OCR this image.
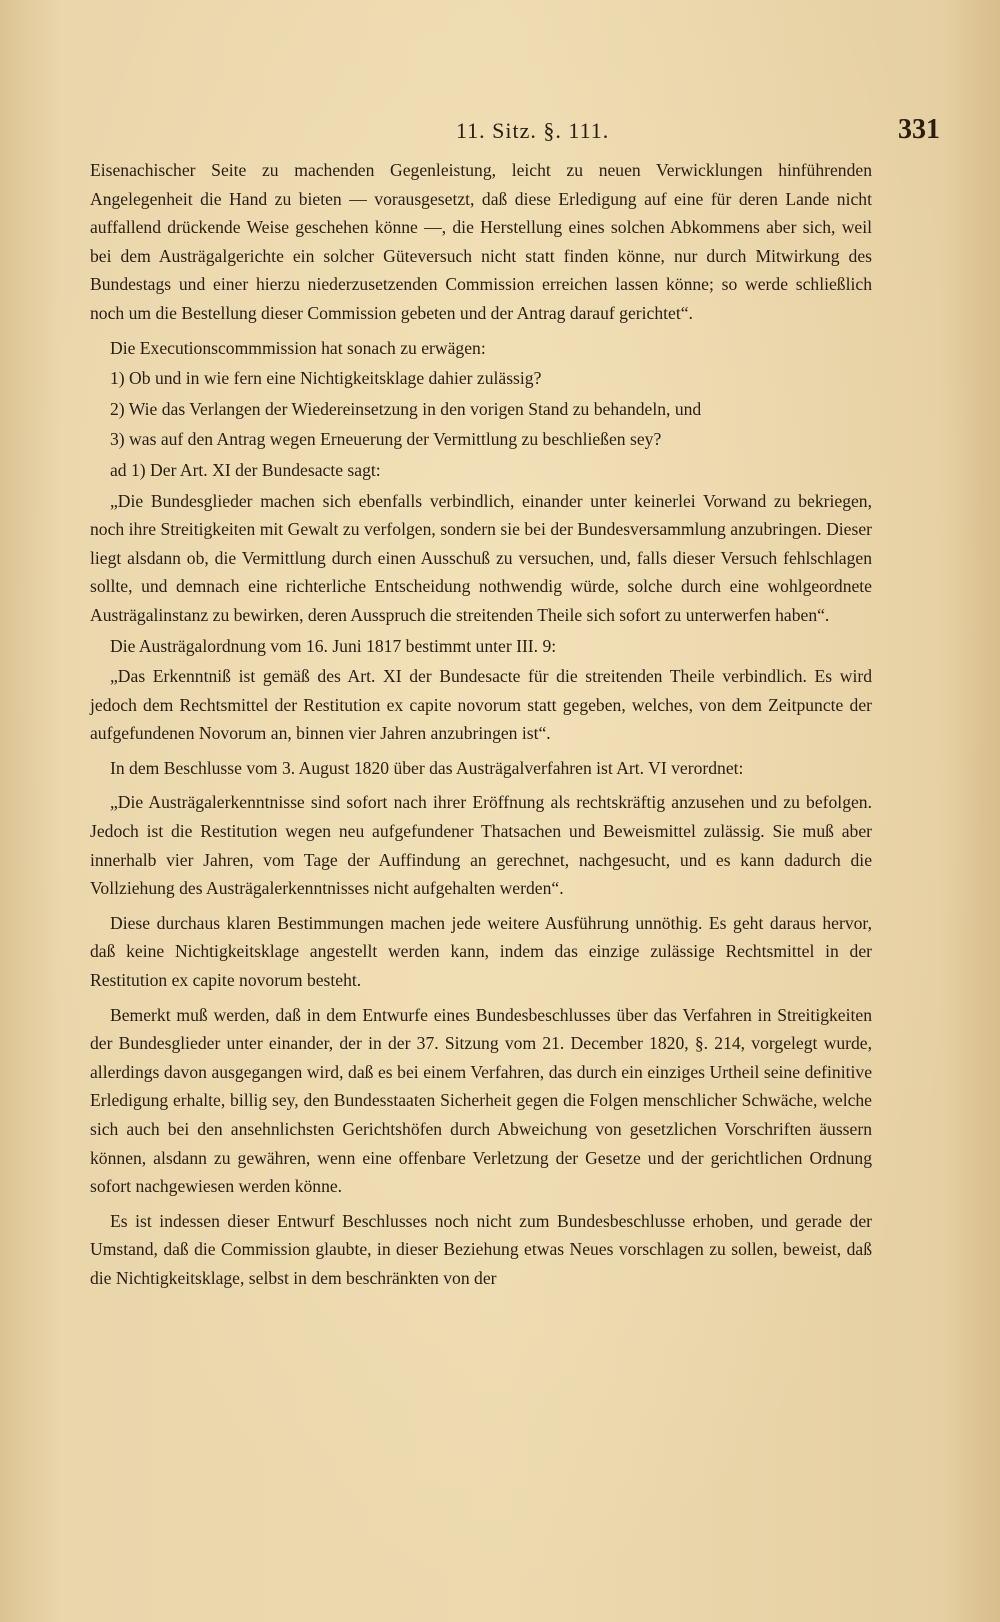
11. Sitz. §. 111.	331

Eisenachischer Seite zu machenden Gegenleistung, leicht zu neuen Verwicklungen hinführenden Angelegenheit die Hand zu bieten — vorausgesetzt, daß diese Erledigung auf eine für deren Lande nicht auffallend drückende Weise geschehen könne —, die Herstellung eines solchen Abkommens aber sich, weil bei dem Austrägalgerichte ein solcher Güteversuch nicht statt finden könne, nur durch Mitwirkung des Bundestags und einer hierzu niederzusetzenden Commission erreichen lassen könne; so werde schließlich noch um die Bestellung dieser Commission gebeten und der Antrag darauf gerichtet“.

Die Executionscommmission hat sonach zu erwägen:

1) Ob und in wie fern eine Nichtigkeitsklage dahier zulässig?

2) Wie das Verlangen der Wiedereinsetzung in den vorigen Stand zu behandeln, und

3) was auf den Antrag wegen Erneuerung der Vermittlung zu beschließen sey?

ad 1) Der Art. XI der Bundesacte sagt:

„Die Bundesglieder machen sich ebenfalls verbindlich, einander unter keinerlei Vorwand zu bekriegen, noch ihre Streitigkeiten mit Gewalt zu verfolgen, sondern sie bei der Bundesversammlung anzubringen. Dieser liegt alsdann ob, die Vermittlung durch einen Ausschuß zu versuchen, und, falls dieser Versuch fehlschlagen sollte, und demnach eine richterliche Entscheidung nothwendig würde, solche durch eine wohlgeordnete Austrägalinstanz zu bewirken, deren Ausspruch die streitenden Theile sich sofort zu unterwerfen haben“.

Die Austrägalordnung vom 16. Juni 1817 bestimmt unter III. 9:

„Das Erkenntniß ist gemäß des Art. XI der Bundesacte für die streitenden Theile verbindlich. Es wird jedoch dem Rechtsmittel der Restitution ex capite novorum statt gegeben, welches, von dem Zeitpuncte der aufgefundenen Novorum an, binnen vier Jahren anzubringen ist“.

In dem Beschlusse vom 3. August 1820 über das Austrägalverfahren ist Art. VI verordnet:

„Die Austrägalerkenntnisse sind sofort nach ihrer Eröffnung als rechtskräftig anzusehen und zu befolgen. Jedoch ist die Restitution wegen neu aufgefundener Thatsachen und Beweismittel zulässig. Sie muß aber innerhalb vier Jahren, vom Tage der Auffindung an gerechnet, nachgesucht, und es kann dadurch die Vollziehung des Austrägalerkenntnisses nicht aufgehalten werden“.

Diese durchaus klaren Bestimmungen machen jede weitere Ausführung unnöthig. Es geht daraus hervor, daß keine Nichtigkeitsklage angestellt werden kann, indem das einzige zulässige Rechtsmittel in der Restitution ex capite novorum besteht.

Bemerkt muß werden, daß in dem Entwurfe eines Bundesbeschlusses über das Verfahren in Streitigkeiten der Bundesglieder unter einander, der in der 37. Sitzung vom 21. December 1820, §. 214, vorgelegt wurde, allerdings davon ausgegangen wird, daß es bei einem Verfahren, das durch ein einziges Urtheil seine definitive Erledigung erhalte, billig sey, den Bundesstaaten Sicherheit gegen die Folgen menschlicher Schwäche, welche sich auch bei den ansehnlichsten Gerichtshöfen durch Abweichung von gesetzlichen Vorschriften äussern können, alsdann zu gewähren, wenn eine offenbare Verletzung der Gesetze und der gerichtlichen Ordnung sofort nachgewiesen werden könne.

Es ist indessen dieser Entwurf Beschlusses noch nicht zum Bundesbeschlusse erhoben, und gerade der Umstand, daß die Commission glaubte, in dieser Beziehung etwas Neues vorschlagen zu sollen, beweist, daß die Nichtigkeitsklage, selbst in dem beschränkten von der
